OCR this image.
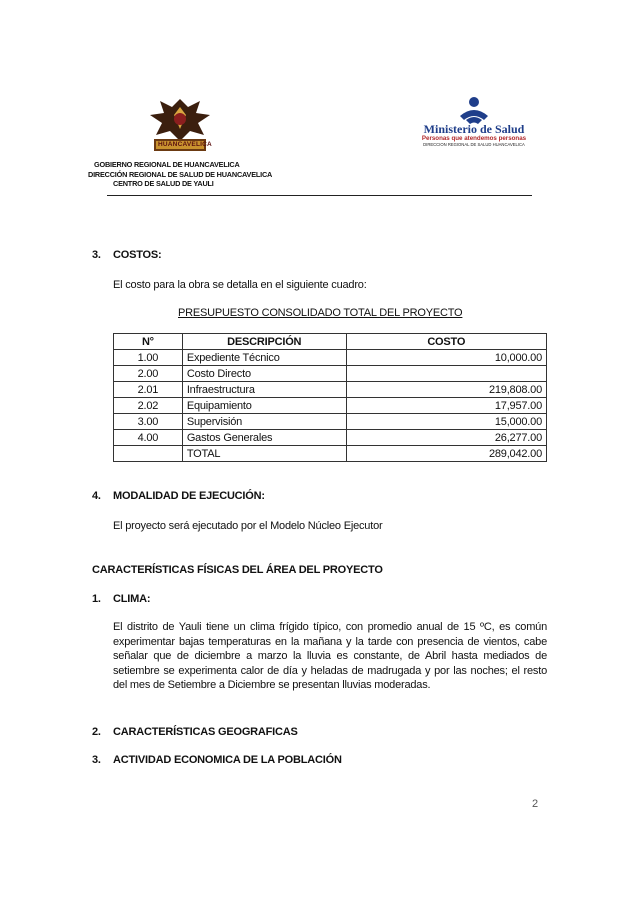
HUANCAVELICA
Ministerio de Salud
Personas que atendemos personas
DIRECCION REGIONAL DE SALUD HUANCAVELICA
GOBIERNO REGIONAL DE HUANCAVELICA
DIRECCIÓN REGIONAL DE SALUD DE HUANCAVELICA
CENTRO DE SALUD DE YAULI
3. COSTOS:
El costo para la obra se detalla en el siguiente cuadro:
PRESUPUESTO CONSOLIDADO TOTAL DEL PROYECTO
N°	DESCRIPCIÓN	COSTO
1.00	Expediente Técnico	10,000.00
2.00	Costo Directo	
2.01	Infraestructura	219,808.00
2.02	Equipamiento	17,957.00
3.00	Supervisión	15,000.00
4.00	Gastos Generales	26,277.00
	TOTAL	289,042.00
4. MODALIDAD DE EJECUCIÓN:
El proyecto será ejecutado por el Modelo Núcleo Ejecutor
CARACTERÍSTICAS FÍSICAS DEL ÁREA DEL PROYECTO
1. CLIMA:
El distrito de Yauli tiene un clima frígido típico, con promedio anual de 15 ºC, es común
experimentar bajas temperaturas en la mañana y la tarde con presencia de vientos, cabe
señalar que de diciembre a marzo la lluvia es constante, de Abril hasta mediados de
setiembre se experimenta calor de día y heladas de madrugada y por las noches; el resto
del mes de Setiembre a Diciembre se presentan lluvias moderadas.
2. CARACTERÍSTICAS GEOGRAFICAS
3. ACTIVIDAD ECONOMICA DE LA POBLACIÓN
2
